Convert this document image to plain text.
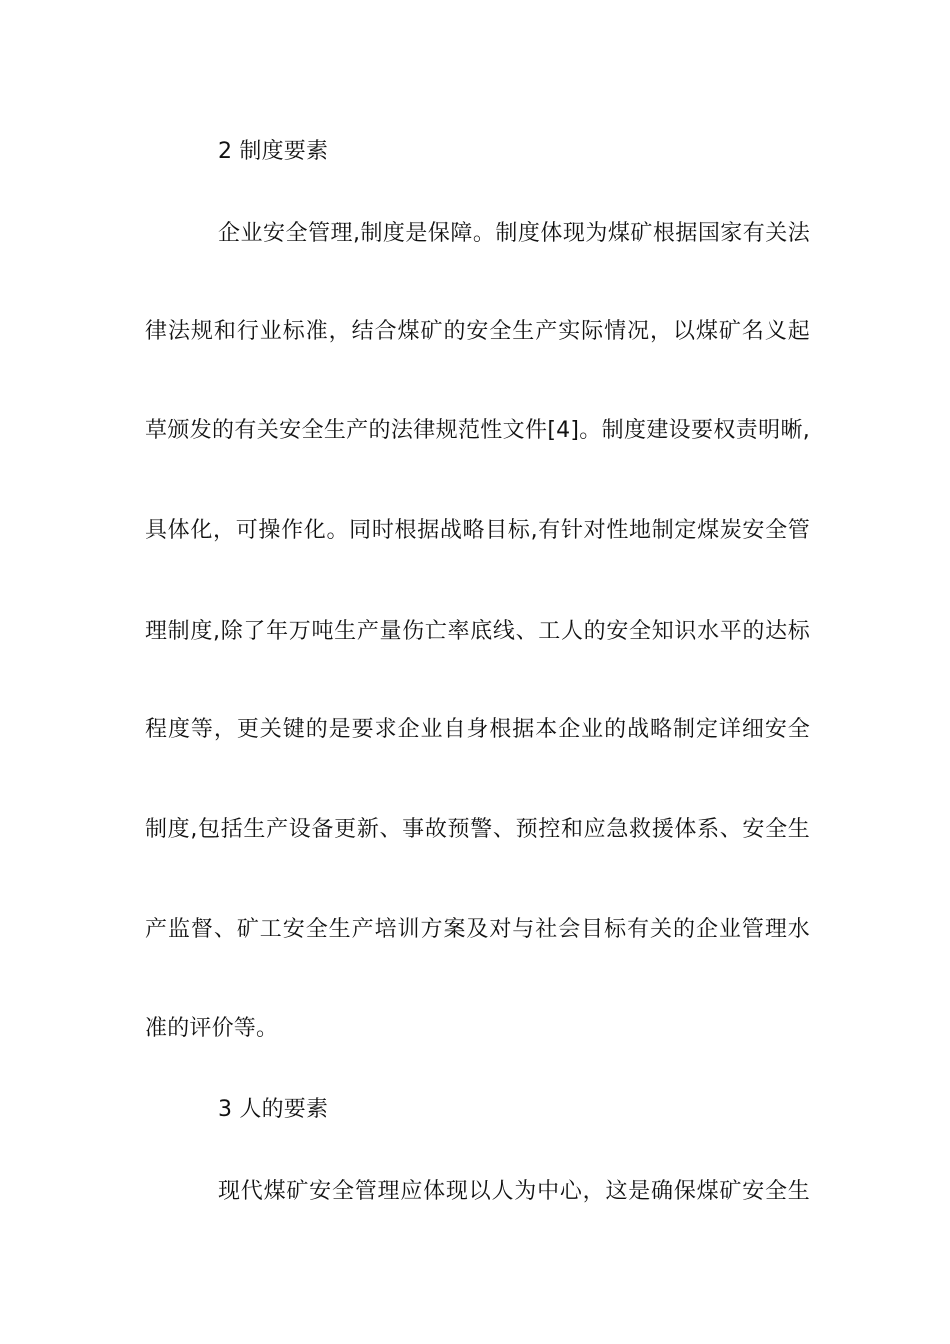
2 制度要素
企业安全管理,制度是保障。制度体现为煤矿根据国家有关法
律法规和行业标准，结合煤矿的安全生产实际情况，以煤矿名义起
草颁发的有关安全生产的法律规范性文件[4]。制度建设要权责明晰,
具体化，可操作化。同时根据战略目标,有针对性地制定煤炭安全管
理制度,除了年万吨生产量伤亡率底线、工人的安全知识水平的达标
程度等，更关键的是要求企业自身根据本企业的战略制定详细安全
制度,包括生产设备更新、事故预警、预控和应急救援体系、安全生
产监督、矿工安全生产培训方案及对与社会目标有关的企业管理水
准的评价等。
3 人的要素
现代煤矿安全管理应体现以人为中心，这是确保煤矿安全生
